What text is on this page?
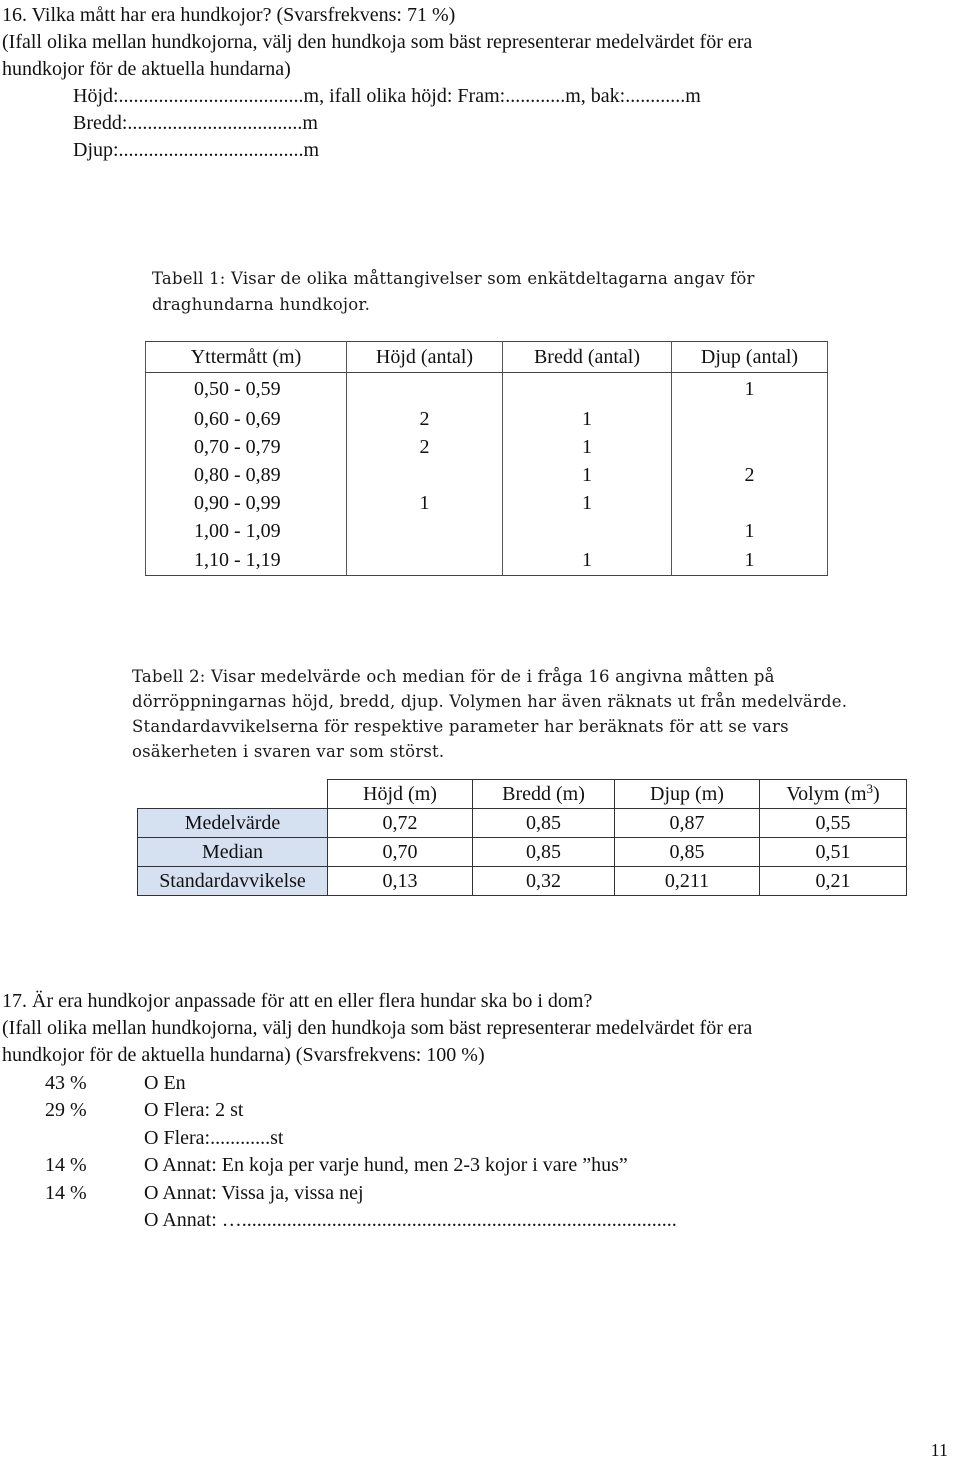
16. Vilka mått har era hundkojor? (Svarsfrekvens: 71 %)
(Ifall olika mellan hundkojorna, välj den hundkoja som bäst representerar medelvärdet för era
hundkojor för de aktuella hundarna)
Höjd:.....................................m, ifall olika höjd: Fram:............m, bak:............m
Bredd:...................................m
Djup:.....................................m
Tabell 1: Visar de olika måttangivelser som enkätdeltagarna angav för
draghundarna hundkojor.
Yttermått (m)	Höjd (antal)	Bredd (antal)	Djup (antal)
0,50 - 0,59			1
0,60 - 0,69	2	1	
0,70 - 0,79	2	1	
0,80 - 0,89		1	2
0,90 - 0,99	1	1	
1,00 - 1,09			1
1,10 - 1,19		1	1
Tabell 2: Visar medelvärde och median för de i fråga 16 angivna måtten på
dörröppningarnas höjd, bredd, djup. Volymen har även räknats ut från medelvärde.
Standardavvikelserna för respektive parameter har beräknats för att se vars
osäkerheten i svaren var som störst.
	Höjd (m)	Bredd (m)	Djup (m)	Volym $(m^3)$
Medelvärde	0,72	0,85	0,87	0,55
Median	0,70	0,85	0,85	0,51
Standardavvikelse	0,13	0,32	0,211	0,21
17. Är era hundkojor anpassade för att en eller flera hundar ska bo i dom?
(Ifall olika mellan hundkojorna, välj den hundkoja som bäst representerar medelvärdet för era
hundkojor för de aktuella hundarna) (Svarsfrekvens: 100 %)
43 %	O En
29 %	O Flera: 2 st
O Flera:............st
14 %	O Annat: En koja per varje hund, men 2-3 kojor i vare ”hus”
14 %	O Annat: Vissa ja, vissa nej
O Annat: ….......................................................................................
11
